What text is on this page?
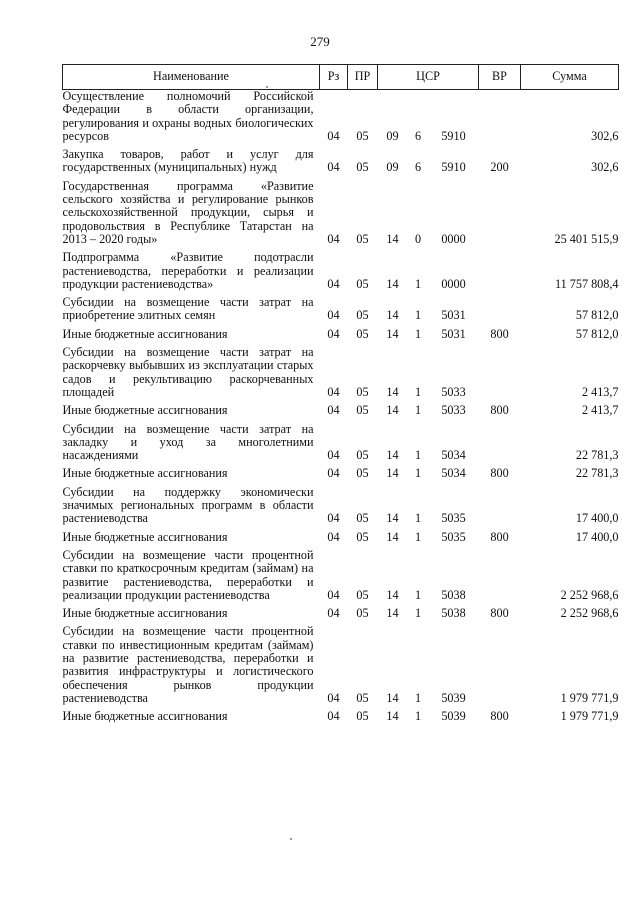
279
Наименование	Рз	ПР	ЦСР			ВР	Сумма
Осуществление полномочий Российской Федерации в области организации, регулирования и охраны водных биологических ресурсов	04	05	09	6	5910		302,6
Закупка товаров, работ и услуг для государственных (муниципальных) нужд	04	05	09	6	5910	200	302,6
Государственная программа «Развитие сельского хозяйства и регулирование рынков сельскохозяйственной продукции, сырья и продовольствия в Республике Татарстан на 2013 – 2020 годы»	04	05	14	0	0000		25 401 515,9
Подпрограмма «Развитие подотрасли растениеводства, переработки и реализации продукции растениеводства»	04	05	14	1	0000		11 757 808,4
Субсидии на возмещение части затрат на приобретение элитных семян	04	05	14	1	5031		57 812,0
Иные бюджетные ассигнования	04	05	14	1	5031	800	57 812,0
Субсидии на возмещение части затрат на раскорчевку выбывших из эксплуатации старых садов и рекультивацию раскорчеванных площадей	04	05	14	1	5033		2 413,7
Иные бюджетные ассигнования	04	05	14	1	5033	800	2 413,7
Субсидии на возмещение части затрат на закладку и уход за многолетними насаждениями	04	05	14	1	5034		22 781,3
Иные бюджетные ассигнования	04	05	14	1	5034	800	22 781,3
Субсидии на поддержку экономически значимых региональных программ в области растениеводства	04	05	14	1	5035		17 400,0
Иные бюджетные ассигнования	04	05	14	1	5035	800	17 400,0
Субсидии на возмещение части процентной ставки по краткосрочным кредитам (займам) на развитие растениеводства, переработки и реализации продукции растениеводства	04	05	14	1	5038		2 252 968,6
Иные бюджетные ассигнования	04	05	14	1	5038	800	2 252 968,6
Субсидии на возмещение части процентной ставки по инвестиционным кредитам (займам) на развитие растениеводства, переработки и развития инфраструктуры и логистического обеспечения рынков продукции растениеводства	04	05	14	1	5039		1 979 771,9
Иные бюджетные ассигнования	04	05	14	1	5039	800	1 979 771,9
